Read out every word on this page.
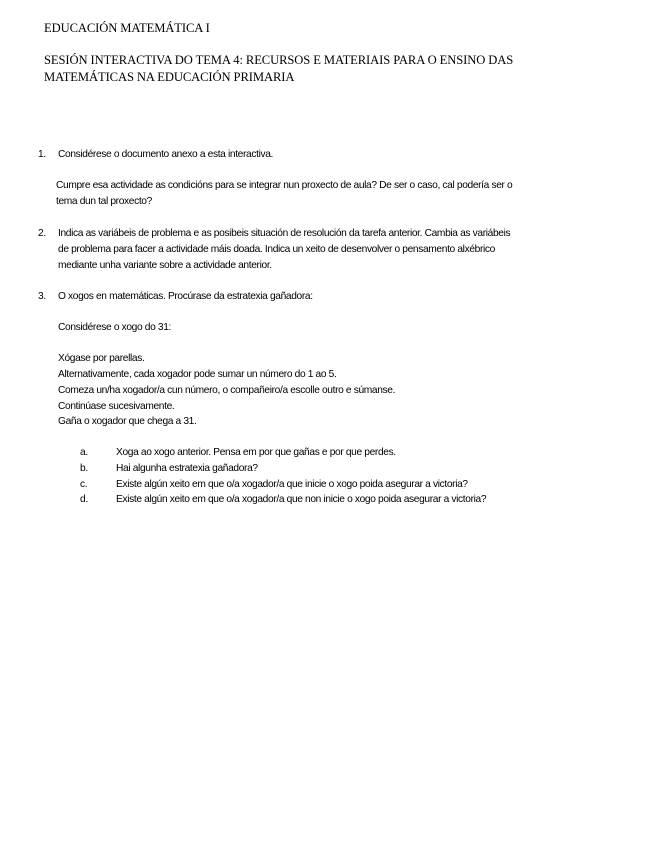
EDUCACIÓN MATEMÁTICA I
SESIÓN INTERACTIVA DO TEMA 4: RECURSOS E MATERIAIS PARA O ENSINO DAS
MATEMÁTICAS NA EDUCACIÓN PRIMARIA
1. Considérese o documento anexo a esta interactiva.
Cumpre esa actividade as condicións para se integrar nun proxecto de aula? De ser o caso, cal podería ser o
tema dun tal proxecto?
2. Indica as variábeis de problema e as posibeis situación de resolución da tarefa anterior. Cambia as variábeis
de problema para facer a actividade máis doada. Indica un xeito de desenvolver o pensamento alxébrico
mediante unha variante sobre a actividade anterior.
3. O xogos en matemáticas. Procúrase da estratexia gañadora:
Considérese o xogo do 31:
Xógase por parellas.
Alternativamente, cada xogador pode sumar un número do 1 ao 5.
Comeza un/ha xogador/a cun número, o compañeiro/a escolle outro e súmanse.
Continúase sucesivamente.
Gaña o xogador que chega a 31.
a.	Xoga ao xogo anterior. Pensa em por que gañas e por que perdes.
b.	Hai algunha estratexia gañadora?
c.	Existe algún xeito em que o/a xogador/a que inicie o xogo poida asegurar a victoria?
d.	Existe algún xeito em que o/a xogador/a que non inicie o xogo poida asegurar a victoria?
